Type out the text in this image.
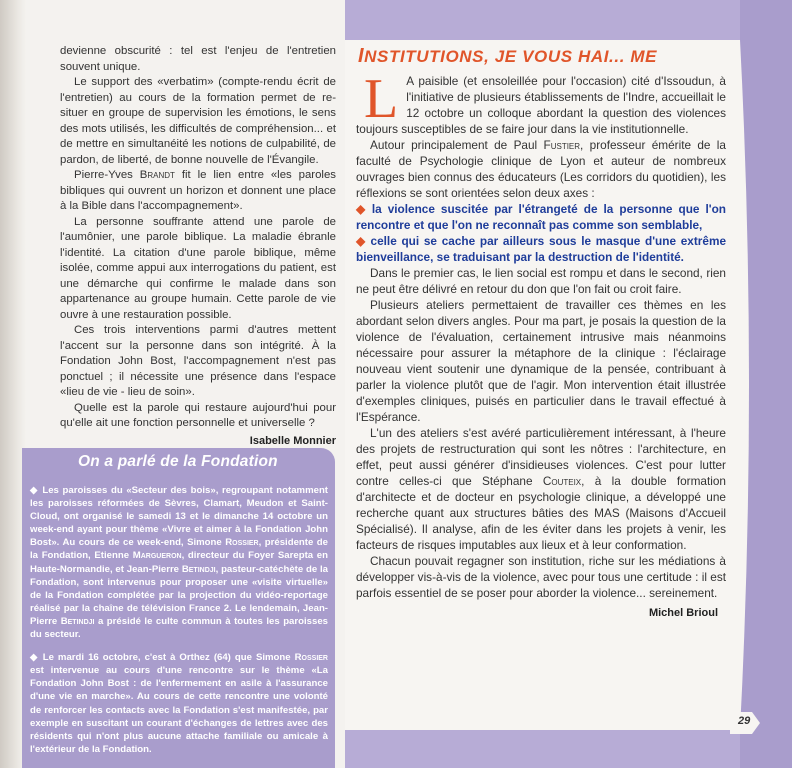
devienne obscurité : tel est l'enjeu de l'entretien souvent unique.

Le support des «verbatim» (compte-rendu écrit de l'entretien) au cours de la formation permet de re-situer en groupe de supervision les émotions, le sens des mots utilisés, les difficultés de compréhension... et de mettre en simultanéité les notions de culpabilité, de pardon, de liberté, de bonne nouvelle de l'Évangile.

Pierre-Yves Brandt fit le lien entre «les paroles bibliques qui ouvrent un horizon et donnent une place à la Bible dans l'accompagnement».

La personne souffrante attend une parole de l'aumônier, une parole biblique. La maladie ébranle l'identité. La citation d'une parole biblique, même isolée, comme appui aux interrogations du patient, est une démarche qui confirme le malade dans son appartenance au groupe humain. Cette parole de vie ouvre à une restauration possible.

Ces trois interventions parmi d'autres mettent l'accent sur la personne dans son intégrité. À la Fondation John Bost, l'accompagnement n'est pas ponctuel ; il nécessite une présence dans l'espace «lieu de vie - lieu de soin».

Quelle est la parole qui restaure aujourd'hui pour qu'elle ait une fonction personnelle et universelle ?

Isabelle Monnier
On a parlé de la Fondation

◆ Les paroisses du «Secteur des bois», regroupant notamment les paroisses réformées de Sèvres, Clamart, Meudon et Saint-Cloud, ont organisé le samedi 13 et le dimanche 14 octobre un week-end ayant pour thème «Vivre et aimer à la Fondation John Bost». Au cours de ce week-end, Simone Rossier, présidente de la Fondation, Etienne Margueron, directeur du Foyer Sarepta en Haute-Normandie, et Jean-Pierre Betindji, pasteur-catéchète de la Fondation, sont intervenus pour proposer une «visite virtuelle» de la Fondation complétée par la projection du vidéo-reportage réalisé par la chaîne de télévision France 2. Le lendemain, Jean-Pierre Betindji a présidé le culte commun à toutes les paroisses du secteur.

◆ Le mardi 16 octobre, c'est à Orthez (64) que Simone Rossier est intervenue au cours d'une rencontre sur le thème «La Fondation John Bost : de l'enfermement en asile à l'assurance d'une vie en marche». Au cours de cette rencontre une volonté de renforcer les contacts avec la Fondation s'est manifestée, par exemple en suscitant un courant d'échanges de lettres avec des résidents qui n'ont plus aucune attache familiale ou amicale à l'extérieur de la Fondation.

INSTITUTIONS, JE VOUS HAI... ME
L A paisible (et ensoleillée pour l'occasion) cité d'Issoudun, à l'initiative de plusieurs établissements de l'Indre, accueillait le 12 octobre un colloque abordant la question des violences toujours susceptibles de se faire jour dans la vie institutionnelle.

Autour principalement de Paul Fustier, professeur émérite de la faculté de Psychologie clinique de Lyon et auteur de nombreux ouvrages bien connus des éducateurs (Les corridors du quotidien), les réflexions se sont orientées selon deux axes :

◆ la violence suscitée par l'étrangeté de la personne que l'on rencontre et que l'on ne reconnaît pas comme son semblable,

◆ celle qui se cache par ailleurs sous le masque d'une extrême bienveillance, se traduisant par la destruction de l'identité.

Dans le premier cas, le lien social est rompu et dans le second, rien ne peut être délivré en retour du don que l'on fait ou croit faire.

Plusieurs ateliers permettaient de travailler ces thèmes en les abordant selon divers angles. Pour ma part, je posais la question de la violence de l'évaluation, certainement intrusive mais néanmoins nécessaire pour assurer la métaphore de la clinique : l'éclairage nouveau vient soutenir une dynamique de la pensée, contribuant à parler la violence plutôt que de l'agir. Mon intervention était illustrée d'exemples cliniques, puisés en particulier dans le travail effectué à l'Espérance.

L'un des ateliers s'est avéré particulièrement intéressant, à l'heure des projets de restructuration qui sont les nôtres : l'architecture, en effet, peut aussi générer d'insidieuses violences. C'est pour lutter contre celles-ci que Stéphane Couteix, à la double formation d'architecte et de docteur en psychologie clinique, a développé une recherche quant aux structures bâties des MAS (Maisons d'Accueil Spécialisé). Il analyse, afin de les éviter dans les projets à venir, les facteurs de risques imputables aux lieux et à leur conformation.

Chacun pouvait regagner son institution, riche sur les médiations à développer vis-à-vis de la violence, avec pour tous une certitude : il est parfois essentiel de se poser pour aborder la violence... sereinement.

Michel Brioul
29
